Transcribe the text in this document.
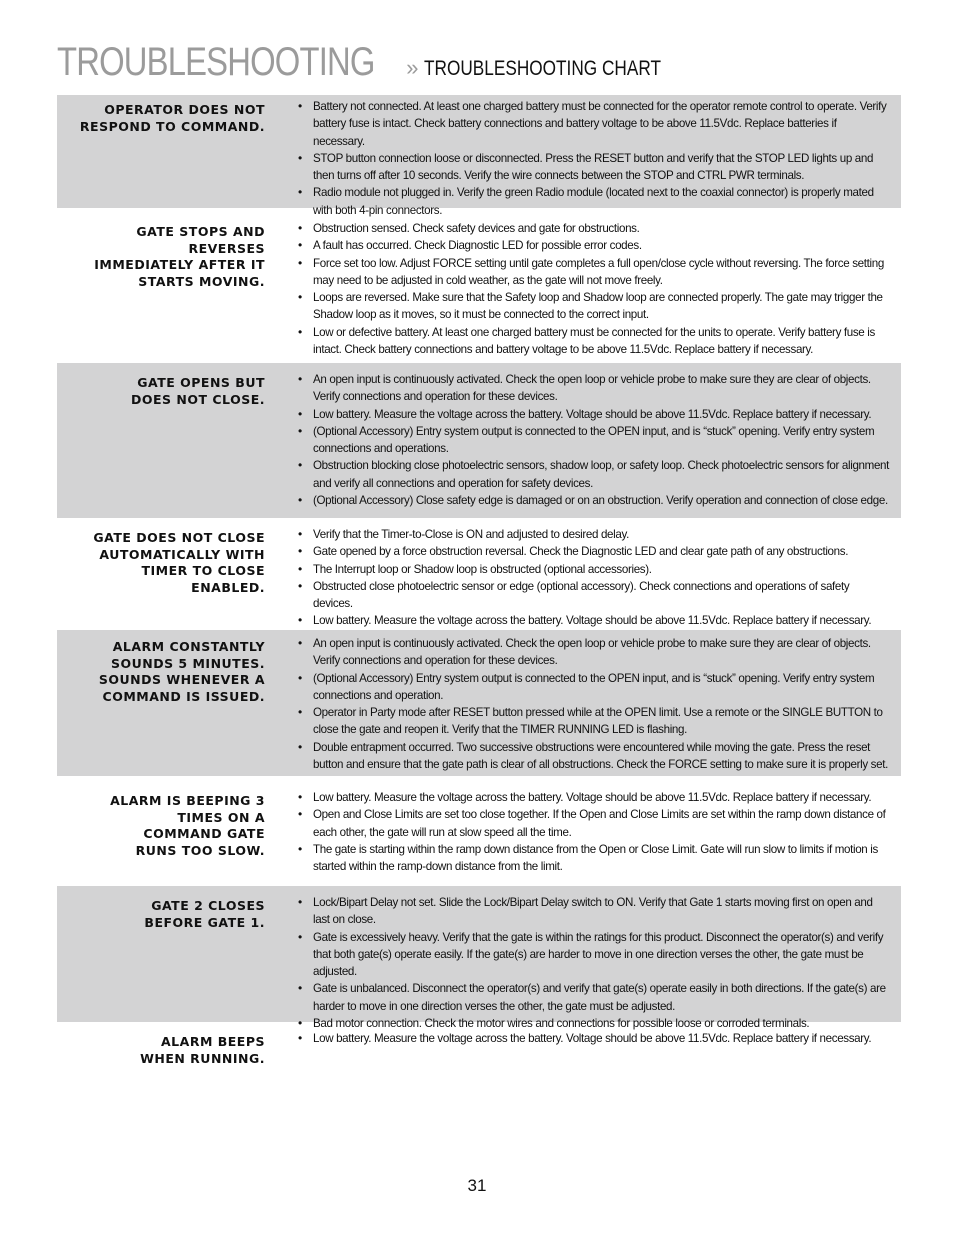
TROUBLESHOOTING » TROUBLESHOOTING CHART
OPERATOR DOES NOT RESPOND TO COMMAND.
• Battery not connected. At least one charged battery must be connected for the operator remote control to operate. Verify battery fuse is intact. Check battery connections and battery voltage to be above 11.5Vdc. Replace batteries if necessary.
• STOP button connection loose or disconnected. Press the RESET button and verify that the STOP LED lights up and then turns off after 10 seconds. Verify the wire connects between the STOP and CTRL PWR terminals.
• Radio module not plugged in. Verify the green Radio module (located next to the coaxial connector) is properly mated with both 4-pin connectors.
GATE STOPS AND REVERSES IMMEDIATELY AFTER IT STARTS MOVING.
• Obstruction sensed. Check safety devices and gate for obstructions.
• A fault has occurred. Check Diagnostic LED for possible error codes.
• Force set too low. Adjust FORCE setting until gate completes a full open/close cycle without reversing. The force setting may need to be adjusted in cold weather, as the gate will not move freely.
• Loops are reversed. Make sure that the Safety loop and Shadow loop are connected properly. The gate may trigger the Shadow loop as it moves, so it must be connected to the correct input.
• Low or defective battery. At least one charged battery must be connected for the units to operate. Verify battery fuse is intact. Check battery connections and battery voltage to be above 11.5Vdc. Replace battery if necessary.
GATE OPENS BUT DOES NOT CLOSE.
• An open input is continuously activated. Check the open loop or vehicle probe to make sure they are clear of objects. Verify connections and operation for these devices.
• Low battery. Measure the voltage across the battery. Voltage should be above 11.5Vdc. Replace battery if necessary.
• (Optional Accessory) Entry system output is connected to the OPEN input, and is “stuck” opening. Verify entry system connections and operations.
• Obstruction blocking close photoelectric sensors, shadow loop, or safety loop. Check photoelectric sensors for alignment and verify all connections and operation for safety devices.
• (Optional Accessory) Close safety edge is damaged or on an obstruction. Verify operation and connection of close edge.
GATE DOES NOT CLOSE AUTOMATICALLY WITH TIMER TO CLOSE ENABLED.
• Verify that the Timer-to-Close is ON and adjusted to desired delay.
• Gate opened by a force obstruction reversal. Check the Diagnostic LED and clear gate path of any obstructions.
• The Interrupt loop or Shadow loop is obstructed (optional accessories).
• Obstructed close photoelectric sensor or edge (optional accessory). Check connections and operations of safety devices.
• Low battery. Measure the voltage across the battery. Voltage should be above 11.5Vdc. Replace battery if necessary.
ALARM CONSTANTLY SOUNDS 5 MINUTES. SOUNDS WHENEVER A COMMAND IS ISSUED.
• An open input is continuously activated. Check the open loop or vehicle probe to make sure they are clear of objects. Verify connections and operation for these devices.
• (Optional Accessory) Entry system output is connected to the OPEN input, and is “stuck” opening. Verify entry system connections and operation.
• Operator in Party mode after RESET button pressed while at the OPEN limit. Use a remote or the SINGLE BUTTON to close the gate and reopen it. Verify that the TIMER RUNNING LED is flashing.
• Double entrapment occurred. Two successive obstructions were encountered while moving the gate. Press the reset button and ensure that the gate path is clear of all obstructions. Check the FORCE setting to make sure it is properly set.
ALARM IS BEEPING 3 TIMES ON A COMMAND GATE RUNS TOO SLOW.
• Low battery. Measure the voltage across the battery. Voltage should be above 11.5Vdc. Replace battery if necessary.
• Open and Close Limits are set too close together. If the Open and Close Limits are set within the ramp down distance of each other, the gate will run at slow speed all the time.
• The gate is starting within the ramp down distance from the Open or Close Limit. Gate will run slow to limits if motion is started within the ramp-down distance from the limit.
GATE 2 CLOSES BEFORE GATE 1.
• Lock/Bipart Delay not set. Slide the Lock/Bipart Delay switch to ON. Verify that Gate 1 starts moving first on open and last on close.
• Gate is excessively heavy. Verify that the gate is within the ratings for this product. Disconnect the operator(s) and verify that both gate(s) operate easily. If the gate(s) are harder to move in one direction verses the other, the gate must be adjusted.
• Gate is unbalanced. Disconnect the operator(s) and verify that gate(s) operate easily in both directions. If the gate(s) are harder to move in one direction verses the other, the gate must be adjusted.
• Bad motor connection. Check the motor wires and connections for possible loose or corroded terminals.
ALARM BEEPS WHEN RUNNING.
• Low battery. Measure the voltage across the battery. Voltage should be above 11.5Vdc. Replace battery if necessary.
31
